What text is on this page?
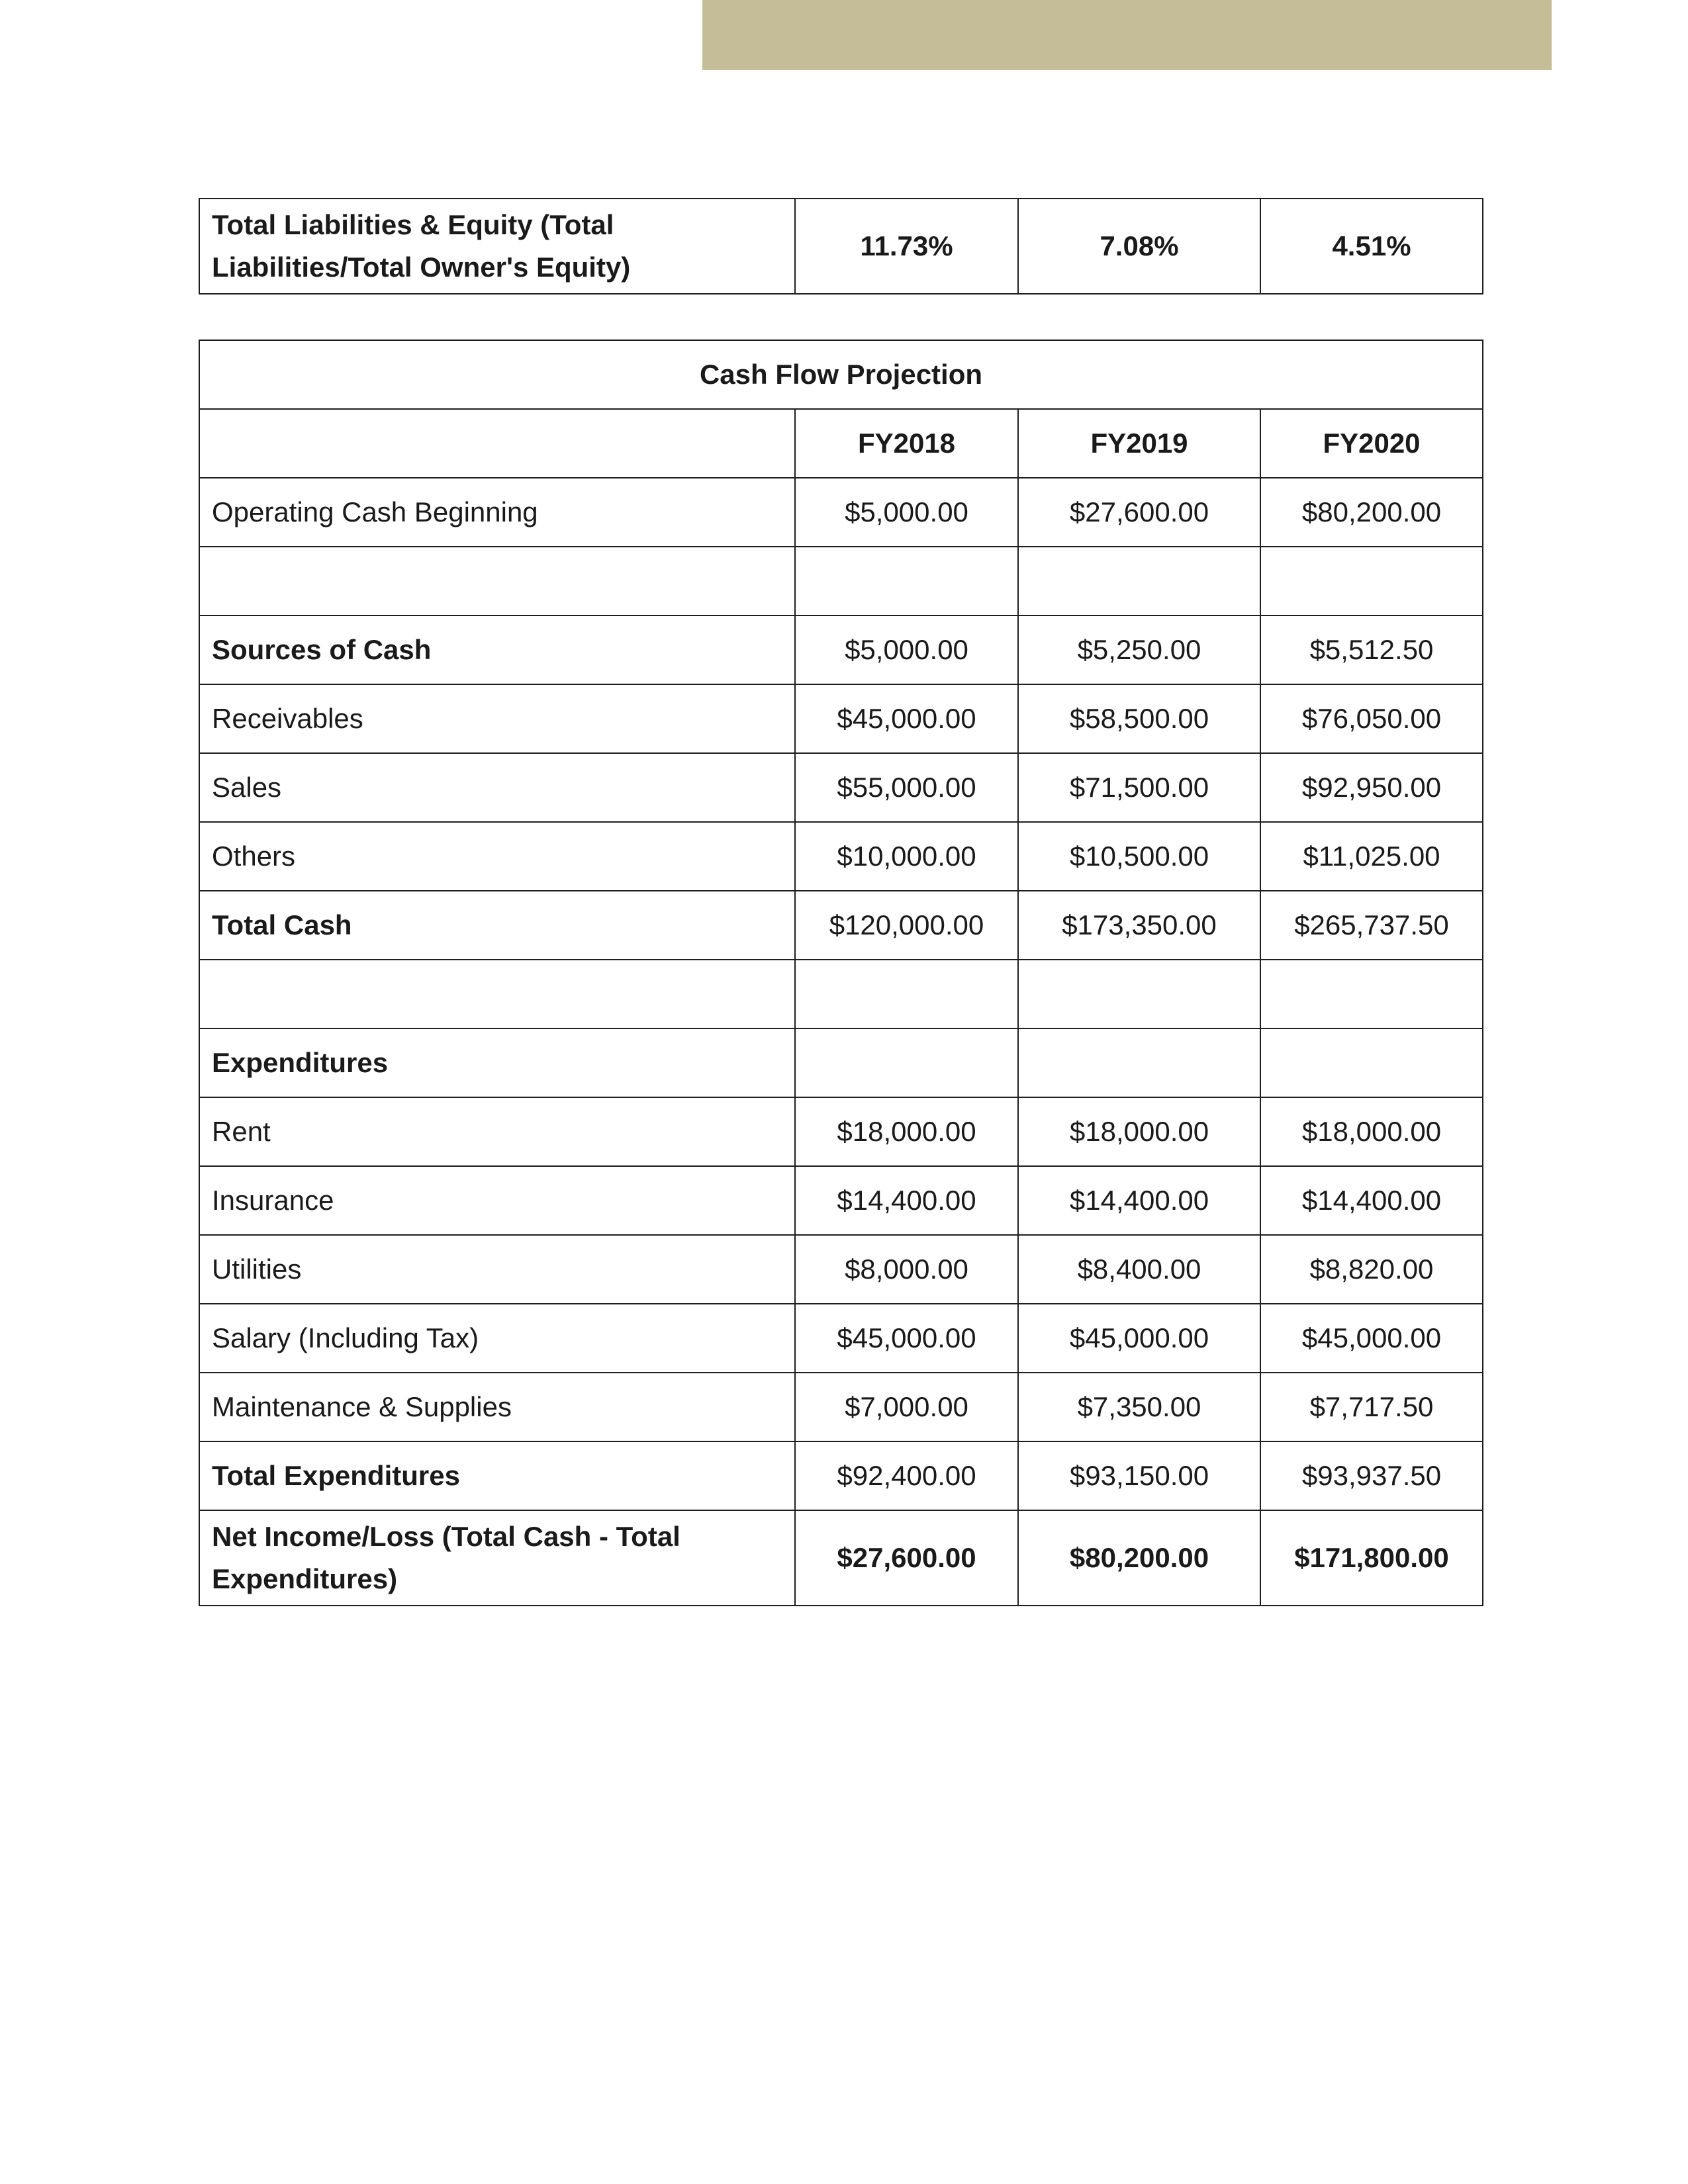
Total Liabilities & Equity (Total Liabilities/Total Owner's Equity)	11.73%	7.08%	4.51%
Cash Flow Projection			
	FY2018	FY2019	FY2020
Operating Cash Beginning	$5,000.00	$27,600.00	$80,200.00

Sources of Cash	$5,000.00	$5,250.00	$5,512.50
Receivables	$45,000.00	$58,500.00	$76,050.00
Sales	$55,000.00	$71,500.00	$92,950.00
Others	$10,000.00	$10,500.00	$11,025.00
Total Cash	$120,000.00	$173,350.00	$265,737.50

Expenditures			
Rent	$18,000.00	$18,000.00	$18,000.00
Insurance	$14,400.00	$14,400.00	$14,400.00
Utilities	$8,000.00	$8,400.00	$8,820.00
Salary (Including Tax)	$45,000.00	$45,000.00	$45,000.00
Maintenance & Supplies	$7,000.00	$7,350.00	$7,717.50
Total Expenditures	$92,400.00	$93,150.00	$93,937.50
Net Income/Loss (Total Cash - Total Expenditures)	$27,600.00	$80,200.00	$171,800.00
